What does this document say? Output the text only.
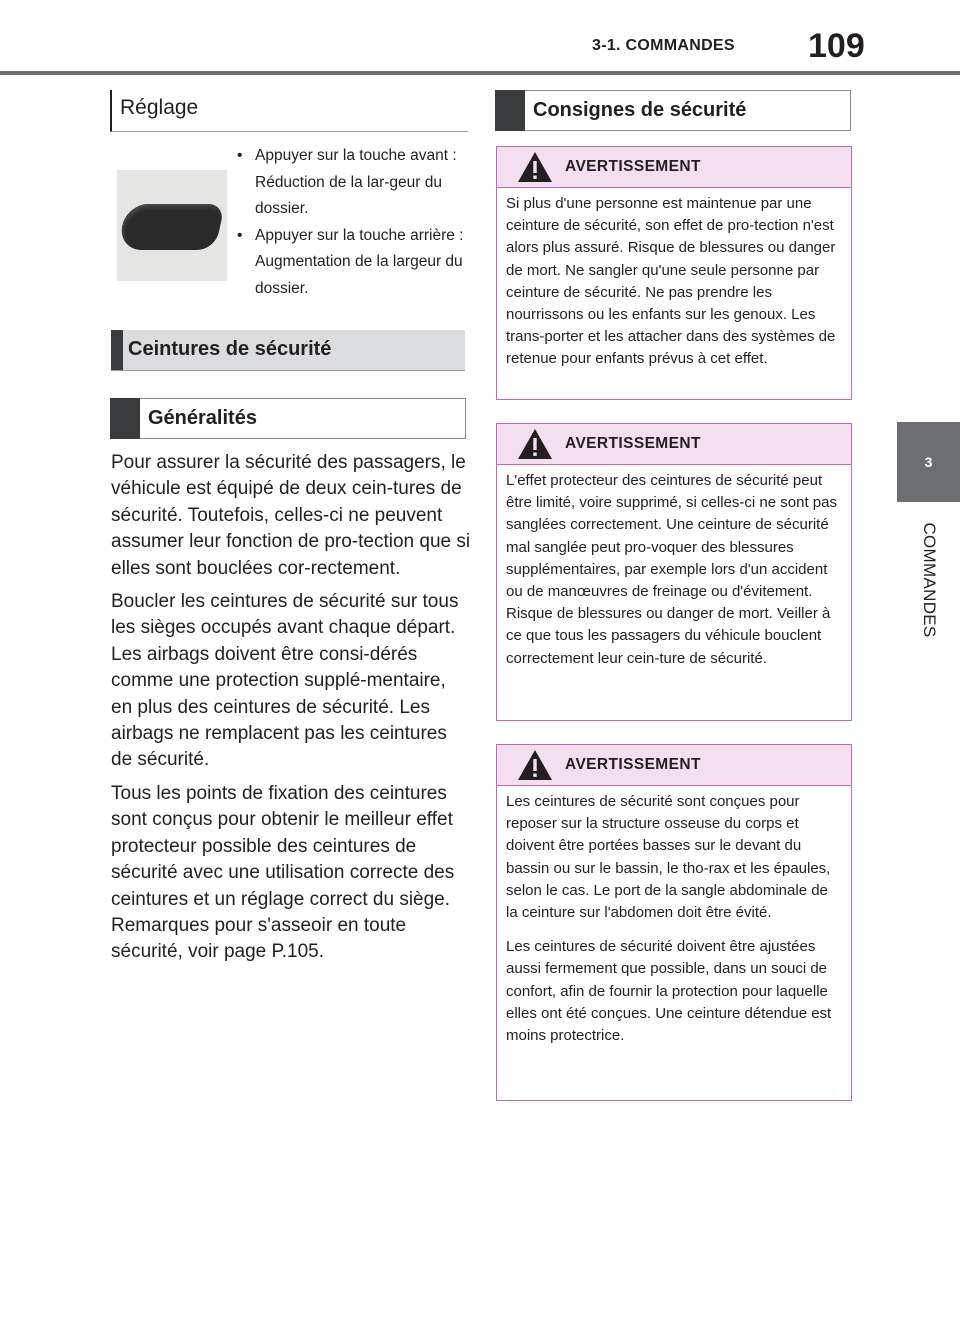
3-1. COMMANDES	109
3
COMMANDES
Réglage
• Appuyer sur la touche avant : Réduction de la lar-geur du dossier.
• Appuyer sur la touche arrière : Augmentation de la largeur du dossier.
Ceintures de sécurité
Généralités

Pour assurer la sécurité des passagers, le véhicule est équipé de deux cein-tures de sécurité. Toutefois, celles-ci ne peuvent assumer leur fonction de pro-tection que si elles sont bouclées cor-rectement.

Boucler les ceintures de sécurité sur tous les sièges occupés avant chaque départ. Les airbags doivent être consi-dérés comme une protection supplé-mentaire, en plus des ceintures de sécurité. Les airbags ne remplacent pas les ceintures de sécurité.

Tous les points de fixation des ceintures sont conçus pour obtenir le meilleur effet protecteur possible des ceintures de sécurité avec une utilisation correcte des ceintures et un réglage correct du siège. Remarques pour s'asseoir en toute sécurité, voir page P.105.

Consignes de sécurité
AVERTISSEMENT

Si plus d'une personne est maintenue par une ceinture de sécurité, son effet de pro-tection n'est alors plus assuré. Risque de blessures ou danger de mort. Ne sangler qu'une seule personne par ceinture de sécurité. Ne pas prendre les nourrissons ou les enfants sur les genoux. Les trans-porter et les attacher dans des systèmes de retenue pour enfants prévus à cet effet.

AVERTISSEMENT

L'effet protecteur des ceintures de sécurité peut être limité, voire supprimé, si celles-ci ne sont pas sanglées correctement. Une ceinture de sécurité mal sanglée peut pro-voquer des blessures supplémentaires, par exemple lors d'un accident ou de manœuvres de freinage ou d'évitement. Risque de blessures ou danger de mort. Veiller à ce que tous les passagers du véhicule bouclent correctement leur cein-ture de sécurité.

AVERTISSEMENT

Les ceintures de sécurité sont conçues pour reposer sur la structure osseuse du corps et doivent être portées basses sur le devant du bassin ou sur le bassin, le tho-rax et les épaules, selon le cas. Le port de la sangle abdominale de la ceinture sur l'abdomen doit être évité.

Les ceintures de sécurité doivent être ajustées aussi fermement que possible, dans un souci de confort, afin de fournir la protection pour laquelle elles ont été conçues. Une ceinture détendue est moins protectrice.
